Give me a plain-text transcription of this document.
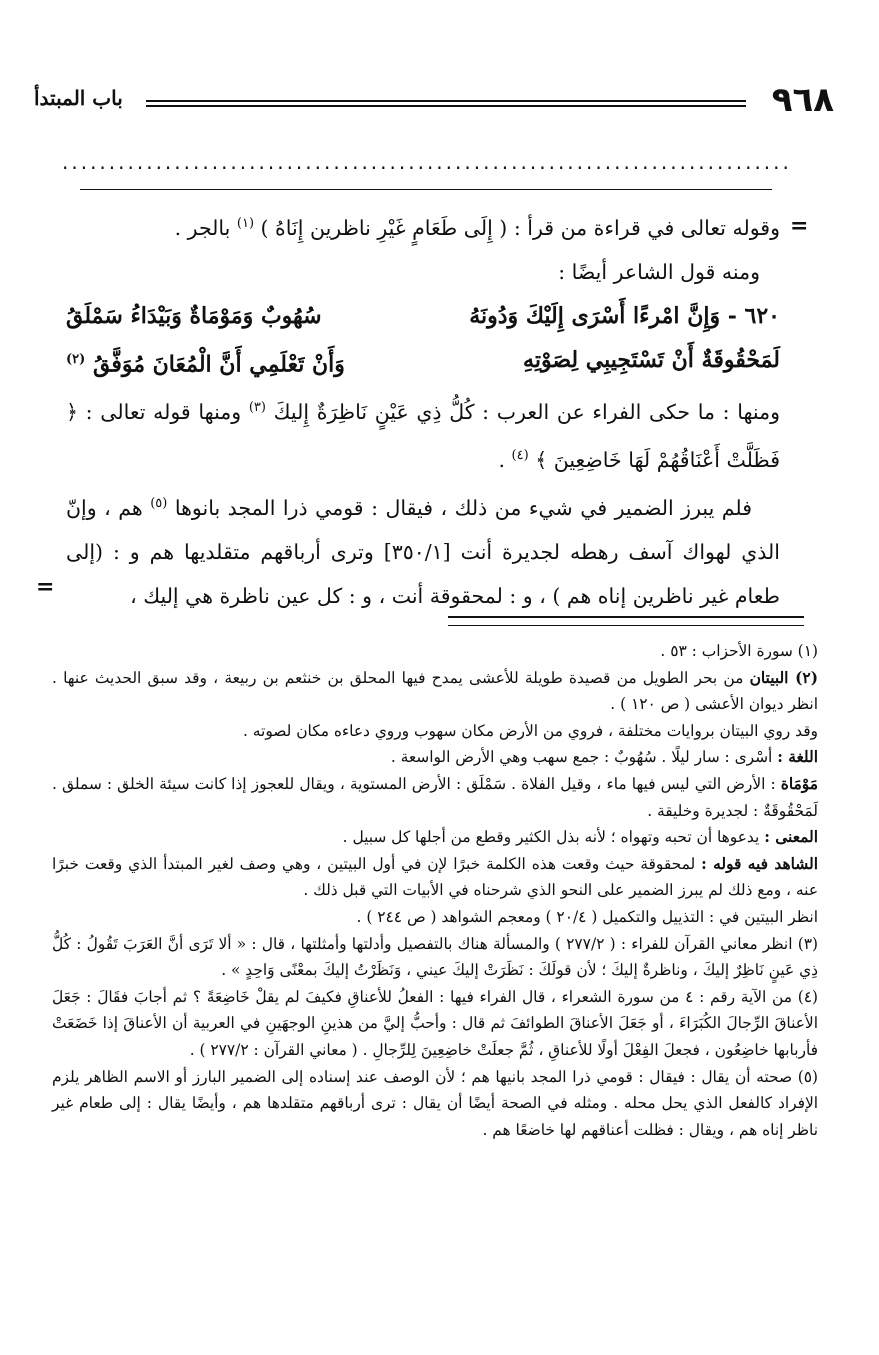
٩٦٨
باب المبتدأ
..............................................................................
=
=
وقوله تعالى في قراءة من قرأ : ( إِلَى طَعَامٍ غَيْرِ ناظرين إِنَاهُ ) $^{(١)}$ بالجر .
ومنه قول الشاعر أيضًا :
٦٢٠ - وَإِنَّ امْرءًا أَسْرَى إِلَيْكَ وَدُونَهُ
سُهُوبٌ وَمَوْمَاةٌ وَبَيْدَاءُ سَمْلَقُ
لَمَحْقُوقَةٌ أَنْ تَسْتَجِيبِي لِصَوْتِهِ
وَأَنْ تَعْلَمِي أَنَّ الْمُعَانَ مُوَفَّقُ $^{(٢)}$
ومنها : ما حكى الفراء عن العرب : كُلُّ ذِي عَيْنٍ نَاظِرَةٌ إِليكَ $^{(٣)}$ ومنها قوله تعالى : ﴿ فَظَلَّتْ أَعْنَاقُهُمْ لَهَا خَاضِعِينَ ﴾ $^{(٤)}$ .
فلم يبرز الضمير في شيء من ذلك ، فيقال : قومي ذرا المجد بانوها $^{(٥)}$ هم ، وإنّ الذي لهواك آسف رهطه لجديرة أنت [٣٥٠/١] وترى أرباقهم متقلديها هم و : (إلى طعام غير ناظرين إناه هم ) ، و : لمحقوقة أنت ، و : كل عين ناظرة هي إليك ،
(١) سورة الأحزاب : ٥٣ .
(٢) البيتان من بحر الطويل من قصيدة طويلة للأعشى يمدح فيها المحلق بن خنثعم بن ربيعة ، وقد سبق الحديث عنها . انظر ديوان الأعشى ( ص ١٢٠ ) .
وقد روي البيتان بروايات مختلفة ، فروي من الأرض مكان سهوب وروي دعاءه مكان لصوته .
اللغة : أسْرى : سار ليلًا . سُهُوبٌ : جمع سهب وهي الأرض الواسعة .
مَوْمَاة : الأرض التي ليس فيها ماء ، وقيل الفلاة . سَمْلَق : الأرض المستوية ، ويقال للعجوز إذا كانت سيئة الخلق : سملق . لَمَحْقُوقَةٌ : لجديرة وخليقة .
المعنى : يدعوها أن تحبه وتهواه ؛ لأنه بذل الكثير وقطع من أجلها كل سبيل .
الشاهد فيه قوله : لمحقوقة حيث وقعت هذه الكلمة خبرًا لإن في أول البيتين ، وهي وصف لغير المبتدأ الذي وقعت خبرًا عنه ، ومع ذلك لم يبرز الضمير على النحو الذي شرحناه في الأبيات التي قبل ذلك .
انظر البيتين في : التذييل والتكميل ( ٢٠/٤ ) ومعجم الشواهد ( ص ٢٤٤ ) .
(٣) انظر معاني القرآن للفراء : ( ٢٧٧/٢ ) والمسألة هناك بالتفصيل وأدلتها وأمثلتها ، قال : « ألا تَرَى أنَّ العَرَبَ تَقُولُ : كُلُّ ذِي عَينٍ نَاظِرٌ إليكَ ، وناظرةٌ إليكَ ؛ لأن قولَكَ : نَظَرَتْ إليكَ عيني ، وَنَظَرْتُ إليكَ بمعْنًى وَاحِدٍ » .
(٤) من الآية رقم : ٤ من سورة الشعراء ، قال الفراء فيها : الفعلُ للأعناقِ فكيفَ لم يقلْ خَاضِعَةً ؟ ثم أجابَ فقَالَ : جَعَلَ الأعناقَ الرِّجالَ الكُبَرَاءَ ، أو جَعَلَ الأعناقَ الطوائفَ ثم قال : وأحبُّ إليَّ من هذينِ الوجهَينِ في العربية أن الأعناقَ إذا خَضَعَتْ فأربابها خاضِعُون ، فجعلَ الفِعْلَ أولًا للأعناقِ ، ثُمَّ جعلَتْ خاضِعِينَ لِلرِّجالِ . ( معاني القرآن : ٢٧٧/٢ ) .
(٥) صحته أن يقال : فيقال : قومي ذرا المجد بانيها هم ؛ لأن الوصف عند إسناده إلى الضمير البارز أو الاسم الظاهر يلزم الإفراد كالفعل الذي يحل محله . ومثله في الصحة أيضًا أن يقال : ترى أرباقهم متقلدها هم ، وأيضًا يقال : إلى طعام غير ناظر إناه هم ، ويقال : فظلت أعناقهم لها خاضعًا هم .
